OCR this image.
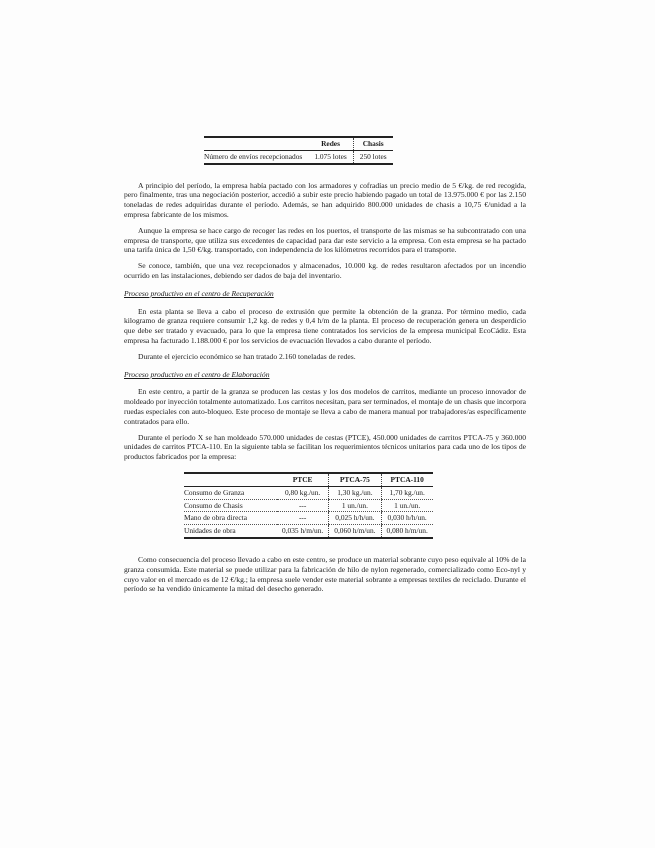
	Redes	Chasis
Número de envíos recepcionados	1.075 lotes	250 lotes

A principio del período, la empresa había pactado con los armadores y cofradías un precio medio de 5 €/kg. de red recogida, pero finalmente, tras una negociación posterior, accedió a subir este precio habiendo pagado un total de 13.975.000 € por las 2.150 toneladas de redes adquiridas durante el período. Además, se han adquirido 800.000 unidades de chasis a 10,75 €/unidad a la empresa fabricante de los mismos.

Aunque la empresa se hace cargo de recoger las redes en los puertos, el transporte de las mismas se ha subcontratado con una empresa de transporte, que utiliza sus excedentes de capacidad para dar este servicio a la empresa. Con esta empresa se ha pactado una tarifa única de 1,50 €/kg. transportado, con independencia de los kilómetros recorridos para el transporte.

Se conoce, también, que una vez recepcionados y almacenados, 10.000 kg. de redes resultaron afectados por un incendio ocurrido en las instalaciones, debiendo ser dados de baja del inventario.

Proceso productivo en el centro de Recuperación

En esta planta se lleva a cabo el proceso de extrusión que permite la obtención de la granza. Por término medio, cada kilogramo de granza requiere consumir 1,2 kg. de redes y 0,4 h/m de la planta. El proceso de recuperación genera un desperdicio que debe ser tratado y evacuado, para lo que la empresa tiene contratados los servicios de la empresa municipal EcoCádiz. Esta empresa ha facturado 1.188.000 € por los servicios de evacuación llevados a cabo durante el período.

Durante el ejercicio económico se han tratado 2.160 toneladas de redes.

Proceso productivo en el centro de Elaboración

En este centro, a partir de la granza se producen las cestas y los dos modelos de carritos, mediante un proceso innovador de moldeado por inyección totalmente automatizado. Los carritos necesitan, para ser terminados, el montaje de un chasis que incorpora ruedas especiales con auto-bloqueo. Este proceso de montaje se lleva a cabo de manera manual por trabajadores/as específicamente contratados para ello.

Durante el período X se han moldeado 570.000 unidades de cestas (PTCE), 450.000 unidades de carritos PTCA-75 y 360.000 unidades de carritos PTCA-110. En la siguiente tabla se facilitan los requerimientos técnicos unitarios para cada uno de los tipos de productos fabricados por la empresa:

	PTCE	PTCA-75	PTCA-110
Consumo de Granza	0,80 kg./un.	1,30 kg./un.	1,70 kg./un.
Consumo de Chasis	---	1 un./un.	1 un./un.
Mano de obra directa	---	0,025 h/h/un.	0,030 h/h/un.
Unidades de obra	0,035 h/m/un.	0,060 h/m/un.	0,080 h/m/un.

Como consecuencia del proceso llevado a cabo en este centro, se produce un material sobrante cuyo peso equivale al 10% de la granza consumida. Este material se puede utilizar para la fabricación de hilo de nylon regenerado, comercializado como Eco-nyl y cuyo valor en el mercado es de 12 €/kg.; la empresa suele vender este material sobrante a empresas textiles de reciclado. Durante el período se ha vendido únicamente la mitad del desecho generado.
